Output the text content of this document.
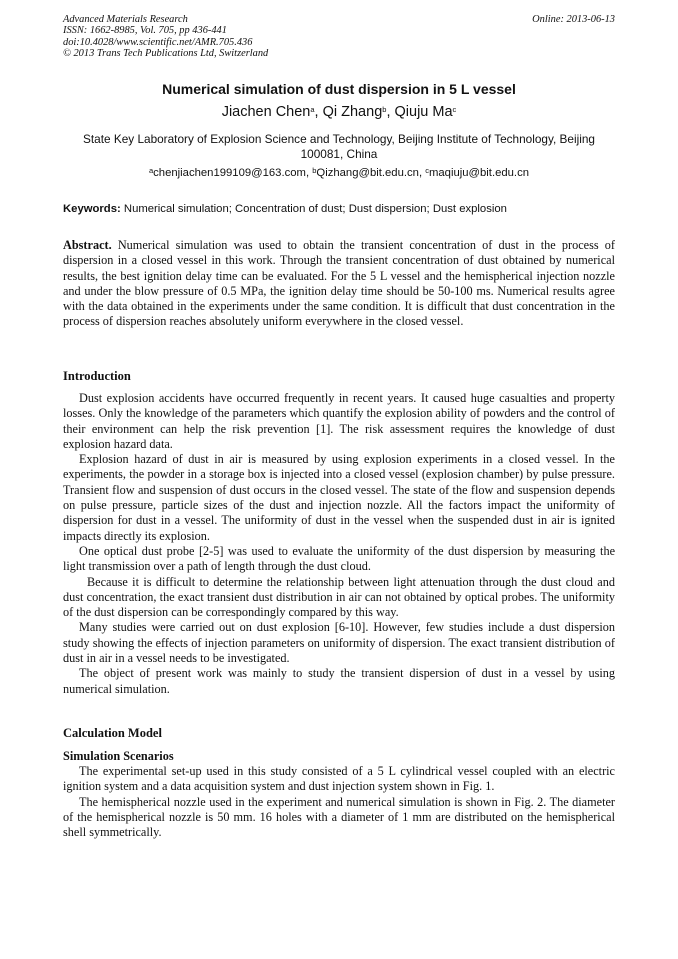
Advanced Materials Research
ISSN: 1662-8985, Vol. 705, pp 436-441
doi:10.4028/www.scientific.net/AMR.705.436
© 2013 Trans Tech Publications Ltd, Switzerland
Online: 2013-06-13
Numerical simulation of dust dispersion in 5 L vessel
Jiachen Chen$^a$, Qi Zhang$^b$, Qiuju Ma$^c$
State Key Laboratory of Explosion Science and Technology, Beijing Institute of Technology, Beijing 100081, China
$^a$chenjiachen199109@163.com, $^b$Qizhang@bit.edu.cn, $^c$maqiuju@bit.edu.cn
Keywords: Numerical simulation; Concentration of dust; Dust dispersion; Dust explosion

Abstract. Numerical simulation was used to obtain the transient concentration of dust in the process of dispersion in a closed vessel in this work. Through the transient concentration of dust obtained by numerical results, the best ignition delay time can be evaluated. For the 5 L vessel and the hemispherical injection nozzle and under the blow pressure of 0.5 MPa, the ignition delay time should be 50-100 ms. Numerical results agree with the data obtained in the experiments under the same condition. It is difficult that dust concentration in the process of dispersion reaches absolutely uniform everywhere in the closed vessel.

Introduction

Dust explosion accidents have occurred frequently in recent years. It caused huge casualties and property losses. Only the knowledge of the parameters which quantify the explosion ability of powders and the control of their environment can help the risk prevention [1]. The risk assessment requires the knowledge of dust explosion hazard data.

Explosion hazard of dust in air is measured by using explosion experiments in a closed vessel. In the experiments, the powder in a storage box is injected into a closed vessel (explosion chamber) by pulse pressure. Transient flow and suspension of dust occurs in the closed vessel. The state of the flow and suspension depends on pulse pressure, particle sizes of the dust and injection nozzle. All the factors impact the uniformity of dispersion for dust in a vessel. The uniformity of dust in the vessel when the suspended dust in air is ignited impacts directly its explosion.

One optical dust probe [2-5] was used to evaluate the uniformity of the dust dispersion by measuring the light transmission over a path of length through the dust cloud.

Because it is difficult to determine the relationship between light attenuation through the dust cloud and dust concentration, the exact transient dust distribution in air can not obtained by optical probes. The uniformity of the dust dispersion can be correspondingly compared by this way.

Many studies were carried out on dust explosion [6-10]. However, few studies include a dust dispersion study showing the effects of injection parameters on uniformity of dispersion. The exact transient distribution of dust in air in a vessel needs to be investigated.

The object of present work was mainly to study the transient dispersion of dust in a vessel by using numerical simulation.

Calculation Model
Simulation Scenarios

The experimental set-up used in this study consisted of a 5 L cylindrical vessel coupled with an electric ignition system and a data acquisition system and dust injection system shown in Fig. 1.

The hemispherical nozzle used in the experiment and numerical simulation is shown in Fig. 2. The diameter of the hemispherical nozzle is 50 mm. 16 holes with a diameter of 1 mm are distributed on the hemispherical shell symmetrically.
